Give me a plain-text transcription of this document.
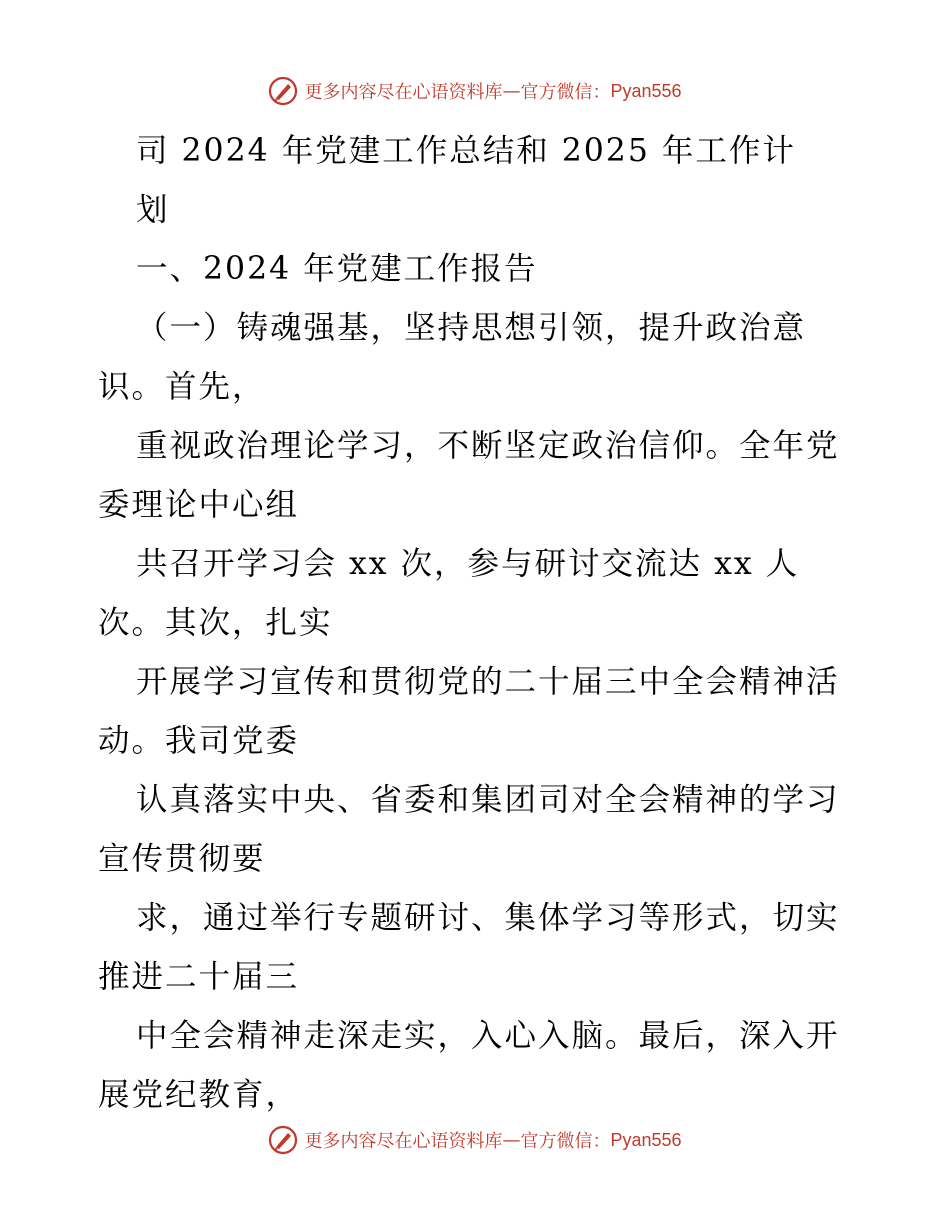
更多内容尽在心语资料库 — 官方微信： Pyan556
司 2024 年党建工作总结和 2025 年工作计
划
一、2024 年党建工作报告
（一）铸魂强基，坚持思想引领，提升政治意
识。首先，
重视政治理论学习，不断坚定政治信仰。全年党
委理论中心组
共召开学习会 xx 次，参与研讨交流达 xx 人
次。其次，扎实
开展学习宣传和贯彻党的二十届三中全会精神活
动。我司党委
认真落实中央、省委和集团司对全会精神的学习
宣传贯彻要
求，通过举行专题研讨、集体学习等形式，切实
推进二十届三
中全会精神走深走实，入心入脑。最后，深入开
展党纪教育，
更多内容尽在心语资料库 — 官方微信： Pyan556
